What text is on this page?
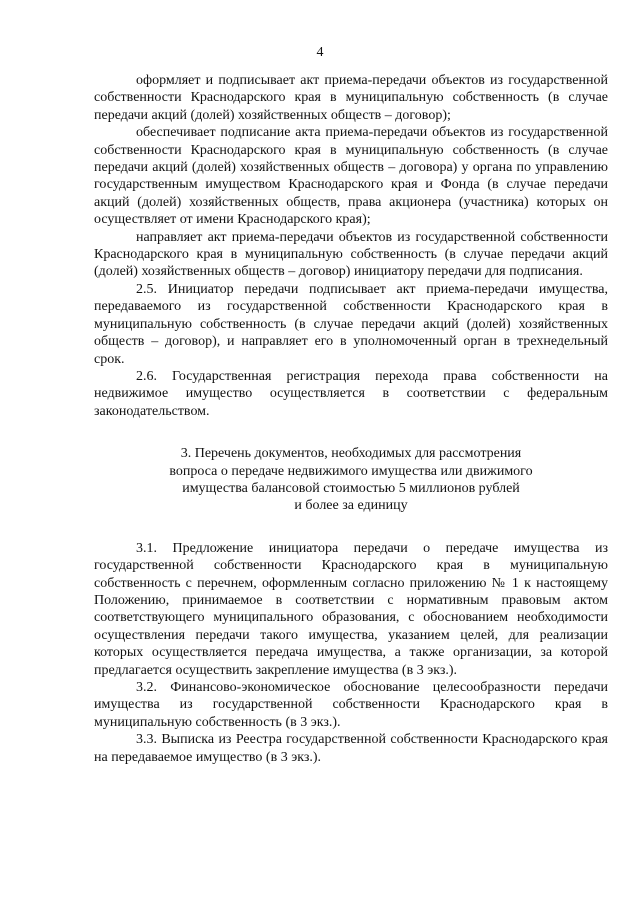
4

оформляет и подписывает акт приема-передачи объектов из государственной собственности Краснодарского края в муниципальную собственность (в случае передачи акций (долей) хозяйственных обществ – договор);

обеспечивает подписание акта приема-передачи объектов из государственной собственности Краснодарского края в муниципальную собственность (в случае передачи акций (долей) хозяйственных обществ – договора) у органа по управлению государственным имуществом Краснодарского края и Фонда (в случае передачи акций (долей) хозяйственных обществ, права акционера (участника) которых он осуществляет от имени Краснодарского края);

направляет акт приема-передачи объектов из государственной собственности Краснодарского края в муниципальную собственность (в случае передачи акций (долей) хозяйственных обществ – договор) инициатору передачи для подписания.

2.5. Инициатор передачи подписывает акт приема-передачи имущества, передаваемого из государственной собственности Краснодарского края в муниципальную собственность (в случае передачи акций (долей) хозяйственных обществ – договор), и направляет его в уполномоченный орган в трехнедельный срок.

2.6. Государственная регистрация перехода права собственности на недвижимое имущество осуществляется в соответствии с федеральным законодательством.

3. Перечень документов, необходимых для рассмотрения

вопроса о передаче недвижимого имущества или движимого

имущества балансовой стоимостью 5 миллионов рублей

и более за единицу

3.1. Предложение инициатора передачи о передаче имущества из государственной собственности Краснодарского края в муниципальную собственность с перечнем, оформленным согласно приложению № 1 к настоящему Положению, принимаемое в соответствии с нормативным правовым актом соответствующего муниципального образования, с обоснованием необходимости осуществления передачи такого имущества, указанием целей, для реализации которых осуществляется передача имущества, а также организации, за которой предлагается осуществить закрепление имущества (в 3 экз.).

3.2. Финансово-экономическое обоснование целесообразности передачи имущества из государственной собственности Краснодарского края в муниципальную собственность (в 3 экз.).

3.3. Выписка из Реестра государственной собственности Краснодарского края на передаваемое имущество (в 3 экз.).
